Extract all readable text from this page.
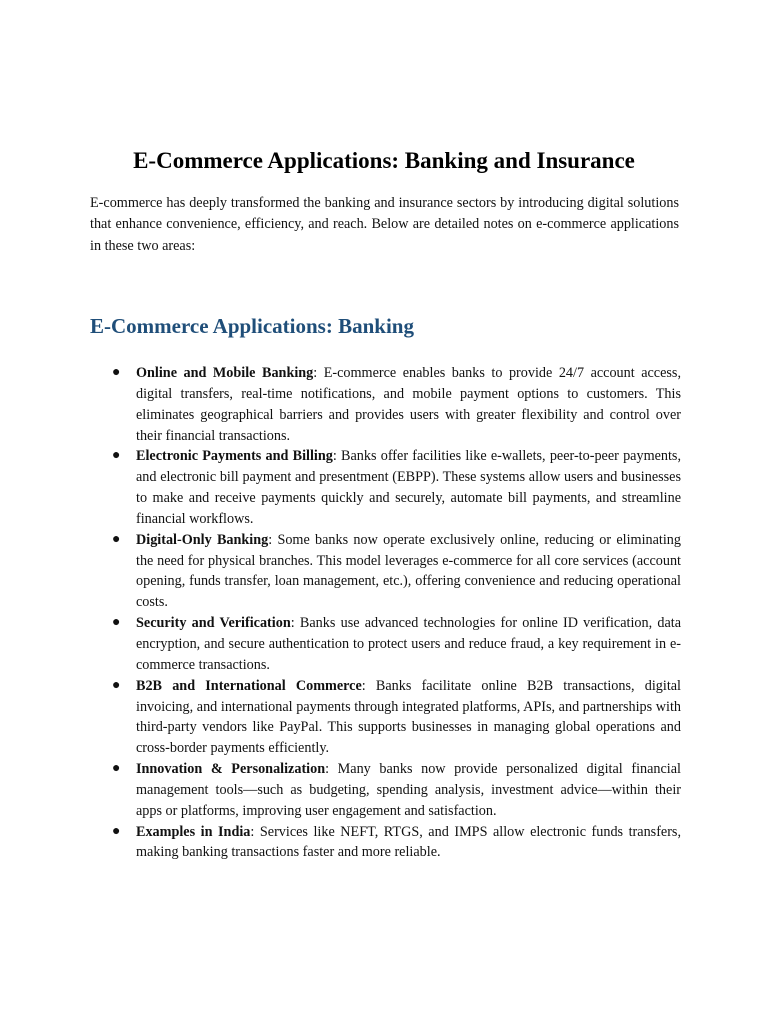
E-Commerce Applications: Banking and Insurance

E-commerce has deeply transformed the banking and insurance sectors by introducing digital solutions that enhance convenience, efficiency, and reach. Below are detailed notes on e-commerce applications in these two areas:

E-Commerce Applications: Banking
● Online and Mobile Banking: E-commerce enables banks to provide 24/7 account access, digital transfers, real-time notifications, and mobile payment options to customers. This eliminates geographical barriers and provides users with greater flexibility and control over their financial transactions.
● Electronic Payments and Billing: Banks offer facilities like e-wallets, peer-to-peer payments, and electronic bill payment and presentment (EBPP). These systems allow users and businesses to make and receive payments quickly and securely, automate bill payments, and streamline financial workflows.
● Digital-Only Banking: Some banks now operate exclusively online, reducing or eliminating the need for physical branches. This model leverages e-commerce for all core services (account opening, funds transfer, loan management, etc.), offering convenience and reducing operational costs.
● Security and Verification: Banks use advanced technologies for online ID verification, data encryption, and secure authentication to protect users and reduce fraud, a key requirement in e-commerce transactions.
● B2B and International Commerce: Banks facilitate online B2B transactions, digital invoicing, and international payments through integrated platforms, APIs, and partnerships with third-party vendors like PayPal. This supports businesses in managing global operations and cross-border payments efficiently.
● Innovation & Personalization: Many banks now provide personalized digital financial management tools—such as budgeting, spending analysis, investment advice—within their apps or platforms, improving user engagement and satisfaction.
● Examples in India: Services like NEFT, RTGS, and IMPS allow electronic funds transfers, making banking transactions faster and more reliable.
